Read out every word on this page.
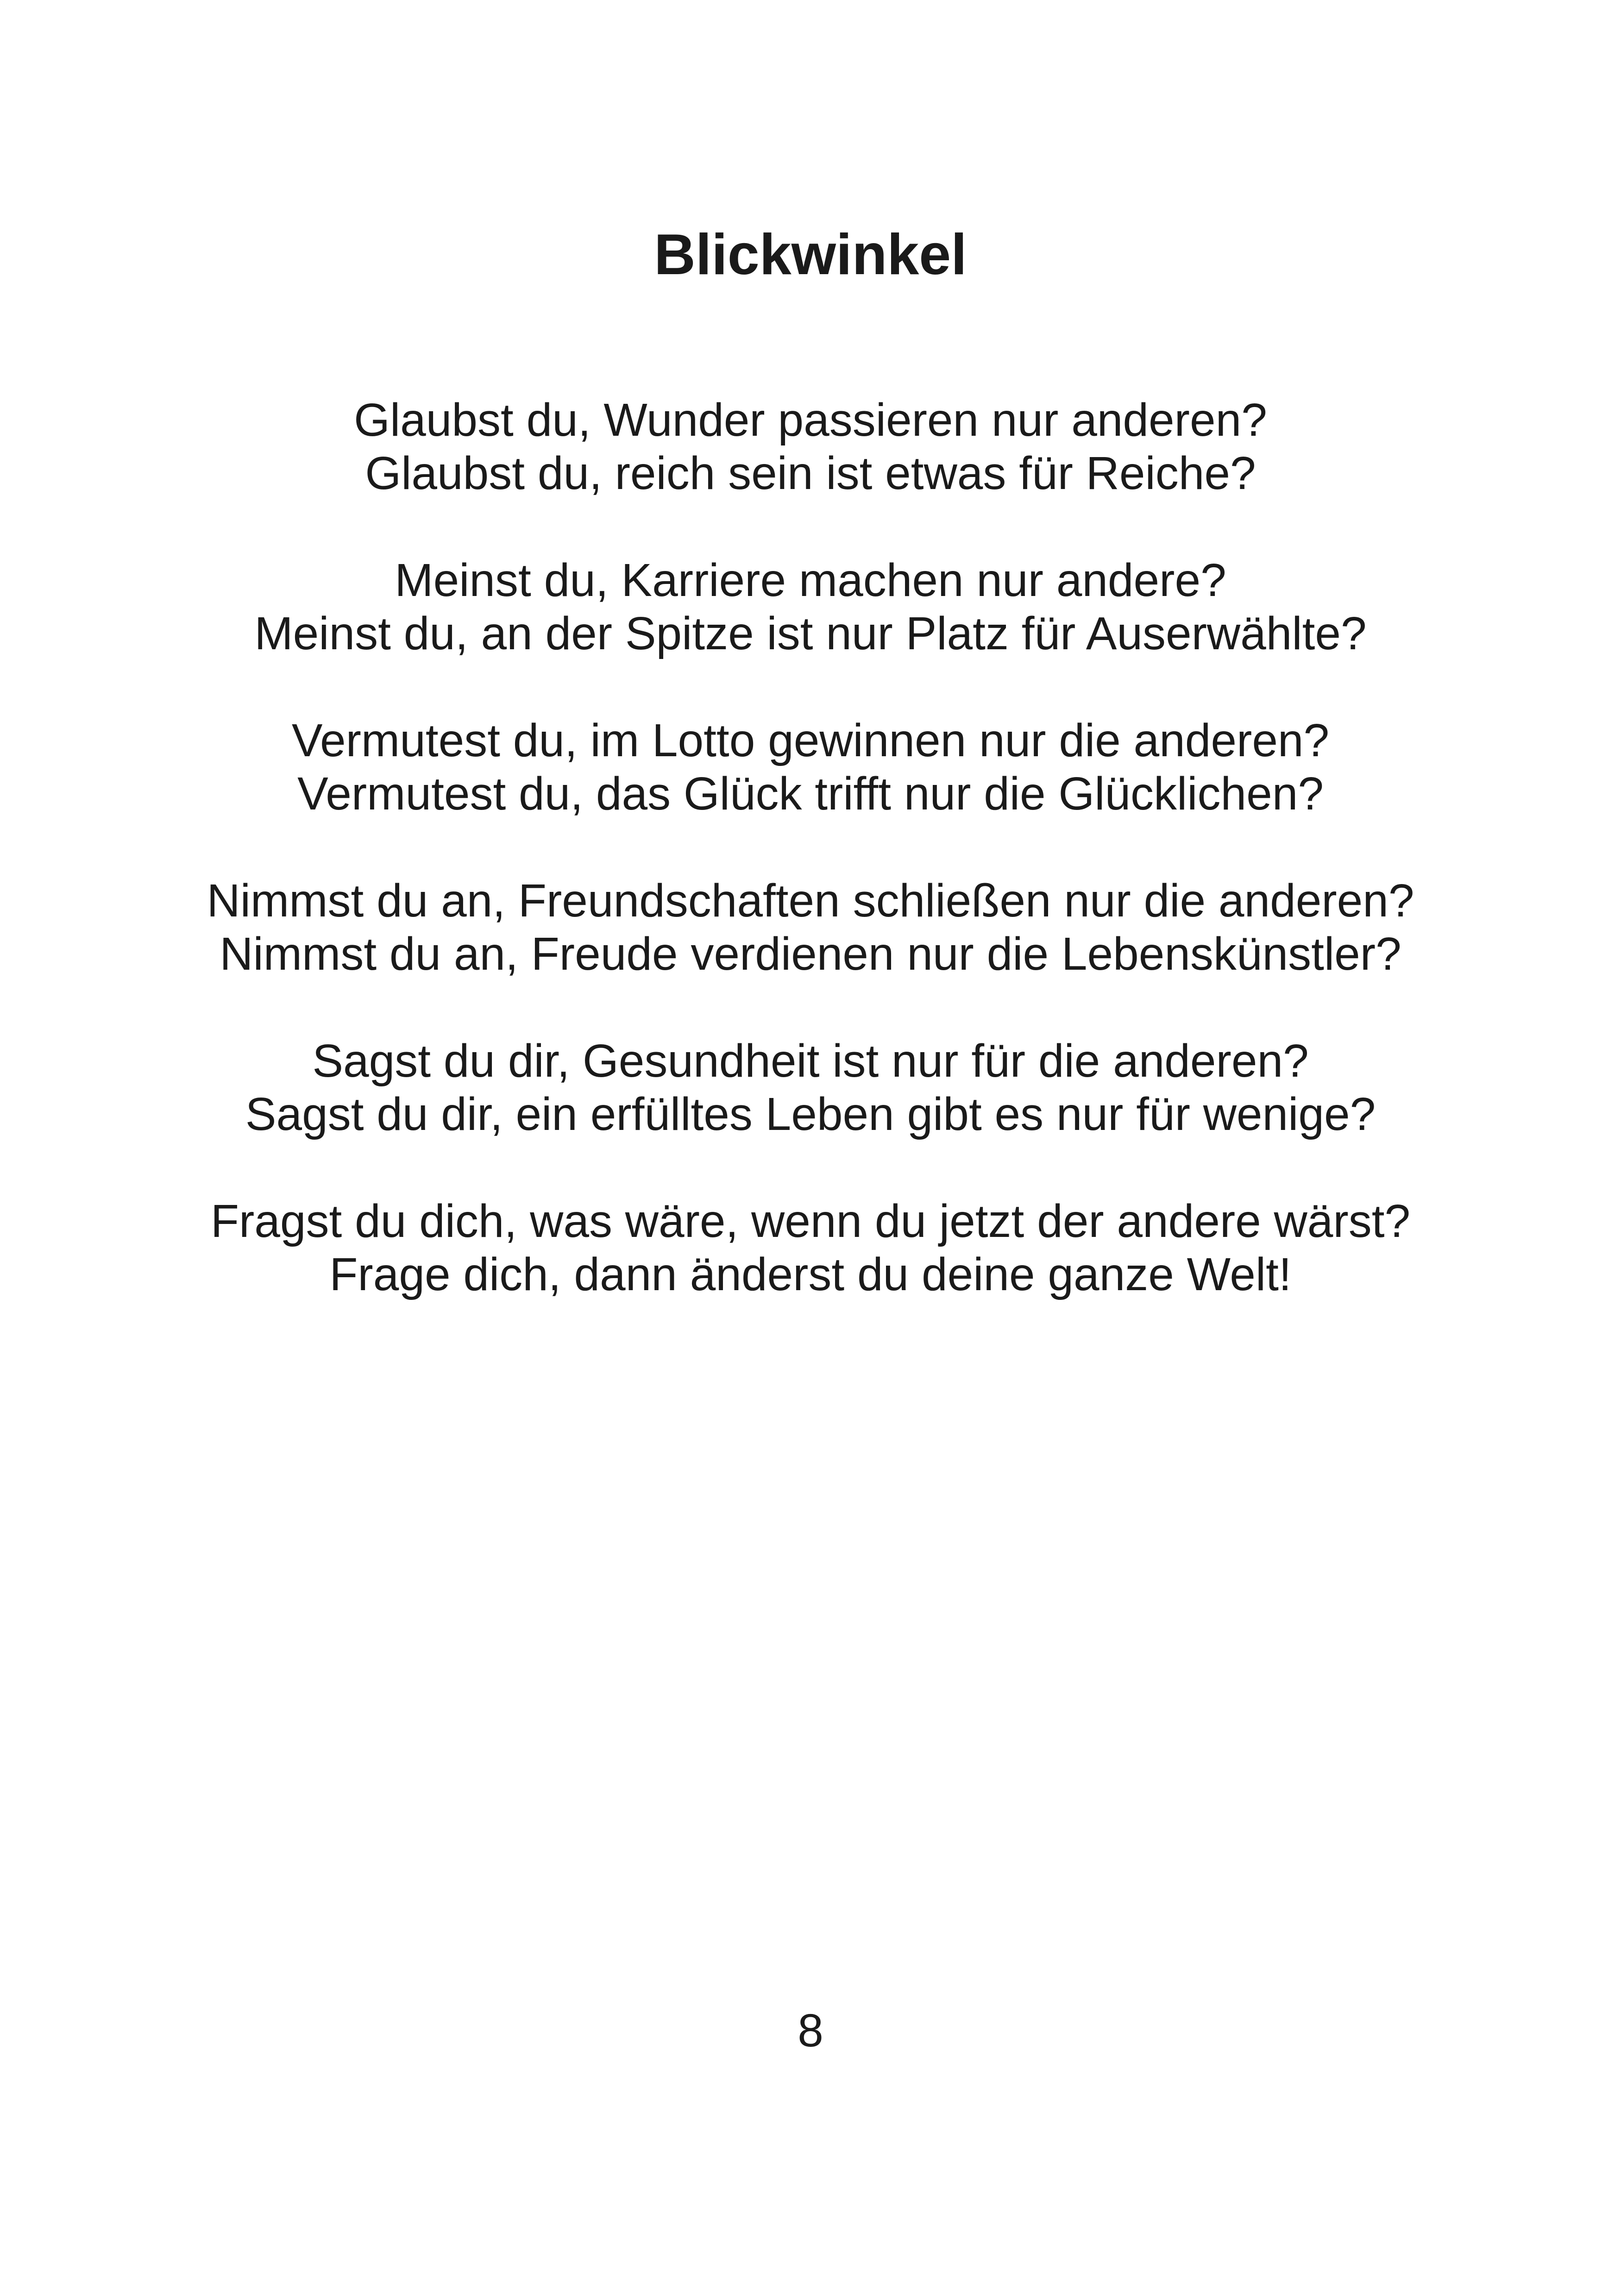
Blickwinkel
Glaubst du, Wunder passieren nur anderen?
Glaubst du, reich sein ist etwas für Reiche?
Meinst du, Karriere machen nur andere?
Meinst du, an der Spitze ist nur Platz für Auserwählte?
Vermutest du, im Lotto gewinnen nur die anderen?
Vermutest du, das Glück trifft nur die Glücklichen?
Nimmst du an, Freundschaften schließen nur die anderen?
Nimmst du an, Freude verdienen nur die Lebenskünstler?
Sagst du dir, Gesundheit ist nur für die anderen?
Sagst du dir, ein erfülltes Leben gibt es nur für wenige?
Fragst du dich, was wäre, wenn du jetzt der andere wärst?
Frage dich, dann änderst du deine ganze Welt!
8
